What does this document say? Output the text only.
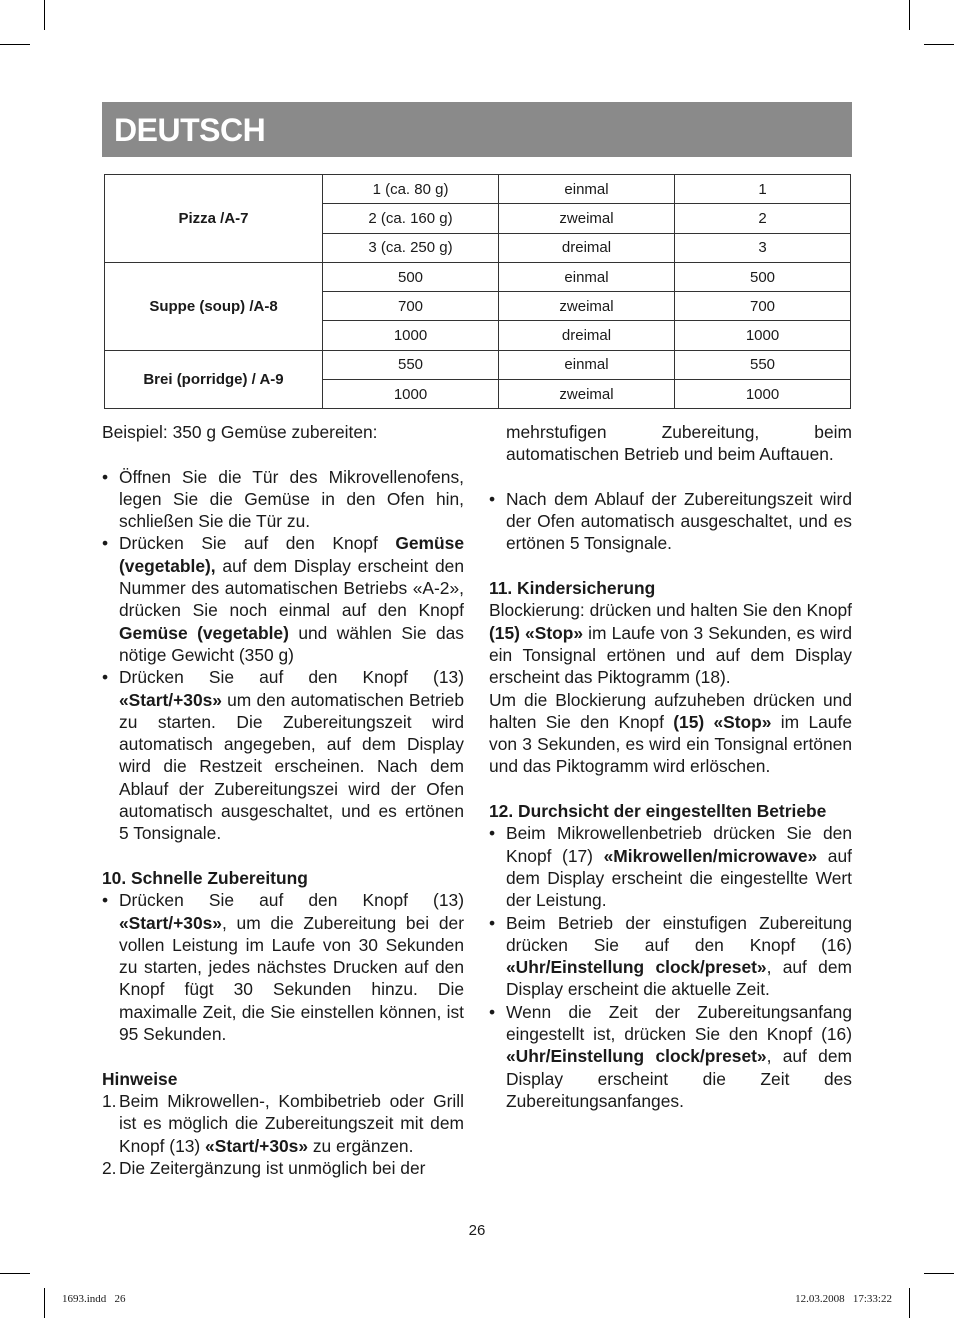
DEUTSCH
Pizza /A-7	1 (ca. 80 g)	einmal	1
	2 (ca. 160 g)	zweimal	2
	3 (ca. 250 g)	dreimal	3
Suppe (soup) /A-8	500	einmal	500
	700	zweimal	700
	1000	dreimal	1000
Brei (porridge) / A-9	550	einmal	550
	1000	zweimal	1000

Beispiel: 350 g Gemüse zubereiten:

• Öffnen Sie die Tür des Mikrovellenofens, legen Sie die Gemüse in den Ofen hin, schließen Sie die Tür zu.
• Drücken Sie auf den Knopf Gemüse (vegetable), auf dem Display erscheint den Nummer des automatischen Betriebs «A-2», drücken Sie noch einmal auf den Knopf Gemüse (vegetable) und wählen Sie das nötige Gewicht (350 g)
• Drücken Sie auf den Knopf (13) «Start/+30s» um den automatischen Betrieb zu starten. Die Zubereitungszeit wird automatisch angegeben, auf dem Display wird die Restzeit erscheinen. Nach dem Ablauf der Zubereitungszei wird der Ofen automatisch ausgeschaltet, und es ertönen 5 Tonsignale.

10. Schnelle Zubereitung

• Drücken Sie auf den Knopf (13) «Start/+30s», um die Zubereitung bei der vollen Leistung im Laufe von 30 Sekunden zu starten, jedes nächstes Drucken auf den Knopf fügt 30 Sekunden hinzu. Die maximalle Zeit, die Sie einstellen können, ist 95 Sekunden.

Hinweise

1. Beim Mikrowellen-, Kombibetrieb oder Grill ist es möglich die Zubereitungszeit mit dem Knopf (13) «Start/+30s» zu ergänzen.
2. Die Zeitergänzung ist unmöglich bei der

mehrstufigen Zubereitung, beim automatischen Betrieb und beim Auftauen.

• Nach dem Ablauf der Zubereitungszeit wird der Ofen automatisch ausgeschaltet, und es ertönen 5 Tonsignale.

11. Kindersicherung

Blockierung: drücken und halten Sie den Knopf (15) «Stop» im Laufe von 3 Sekunden, es wird ein Tonsignal ertönen und auf dem Display erscheint das Piktogramm (18).

Um die Blockierung aufzuheben drücken und halten Sie den Knopf (15) «Stop» im Laufe von 3 Sekunden, es wird ein Tonsignal ertönen und das Piktogramm wird erlöschen.

12. Durchsicht der eingestellten Betriebe

• Beim Mikrowellenbetrieb drücken Sie den Knopf (17) «Mikrowellen/microwave» auf dem Display erscheint die eingestellte Wert der Leistung.
• Beim Betrieb der einstufigen Zubereitung drücken Sie auf den Knopf (16) «Uhr/Einstellung clock/preset», auf dem Display erscheint die aktuelle Zeit.
• Wenn die Zeit der Zubereitungsanfang eingestellt ist, drücken Sie den Knopf (16) «Uhr/Einstellung clock/preset», auf dem Display erscheint die Zeit des Zubereitungsanfanges.
26
1693.indd   26	12.03.2008   17:33:22
